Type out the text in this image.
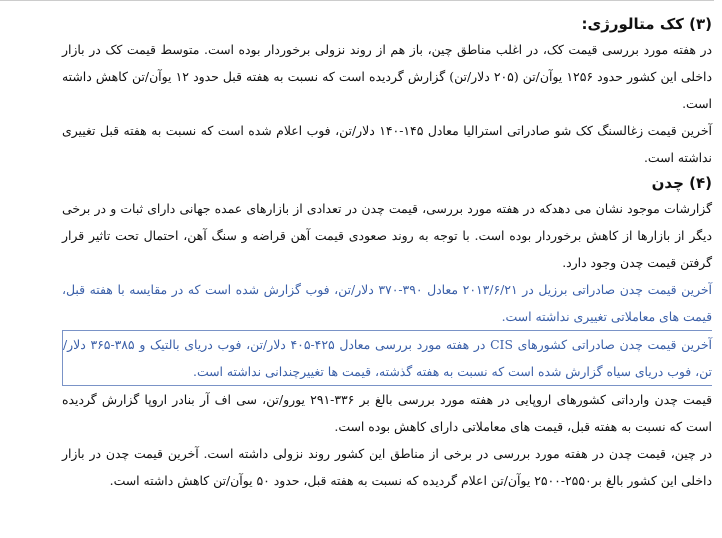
(۳) کک متالورژی:

در هفته مورد بررسی قیمت کک، در اغلب مناطق چین، باز هم از روند نزولی برخوردار بوده است. متوسط قیمت کک در بازار داخلی این کشور حدود ۱۲۵۶ یوآن/تن (۲۰۵ دلار/تن) گزارش گردیده است که نسبت به هفته قبل حدود ۱۲ یوآن/تن کاهش داشته است.

آخرین قیمت زغالسنگ کک شو صادراتی استرالیا معادل ۱۴۵-۱۴۰ دلار/تن، فوب اعلام شده است که نسبت به هفته قبل تغییری نداشته است.

(۴) چدن

گزارشات موجود نشان می دهدکه در هفته مورد بررسی، قیمت چدن در تعدادی از بازارهای عمده جهانی دارای ثبات و در برخی دیگر از بازارها از کاهش برخوردار بوده است. با توجه به روند صعودی قیمت آهن قراضه و سنگ آهن، احتمال تحت تاثیر قرار گرفتن قیمت چدن وجود دارد.

آخرین قیمت چدن صادراتی برزیل در ۲۰۱۳/۶/۲۱ معادل ۳۹۰-۳۷۰ دلار/تن، فوب گزارش شده است که در مقایسه با هفته قبل، قیمت های معاملاتی تغییری نداشته است.

آخرین قیمت چدن صادراتی کشورهای CIS در هفته مورد بررسی معادل ۴۲۵-۴۰۵ دلار/تن، فوب دریای بالتیک و ۳۸۵-۳۶۵ دلار/تن، فوب دریای سیاه گزارش شده است که نسبت به هفته گذشته، قیمت ها تغییرچندانی نداشته است.

قیمت چدن وارداتی کشورهای اروپایی در هفته مورد بررسی بالغ بر ۳۳۶-۲۹۱ یورو/تن، سی اف آر بنادر اروپا گزارش گردیده است که نسبت به هفته قبل، قیمت های معاملاتی دارای کاهش بوده است.

در چین، قیمت چدن در هفته مورد بررسی در برخی از مناطق این کشور روند نزولی داشته است. آخرین قیمت چدن در بازار داخلی این کشور بالغ بر۲۵۵۰-۲۵۰۰ یوآن/تن اعلام گردیده که نسبت به هفته قبل، حدود ۵۰ یوآن/تن کاهش داشته است.
